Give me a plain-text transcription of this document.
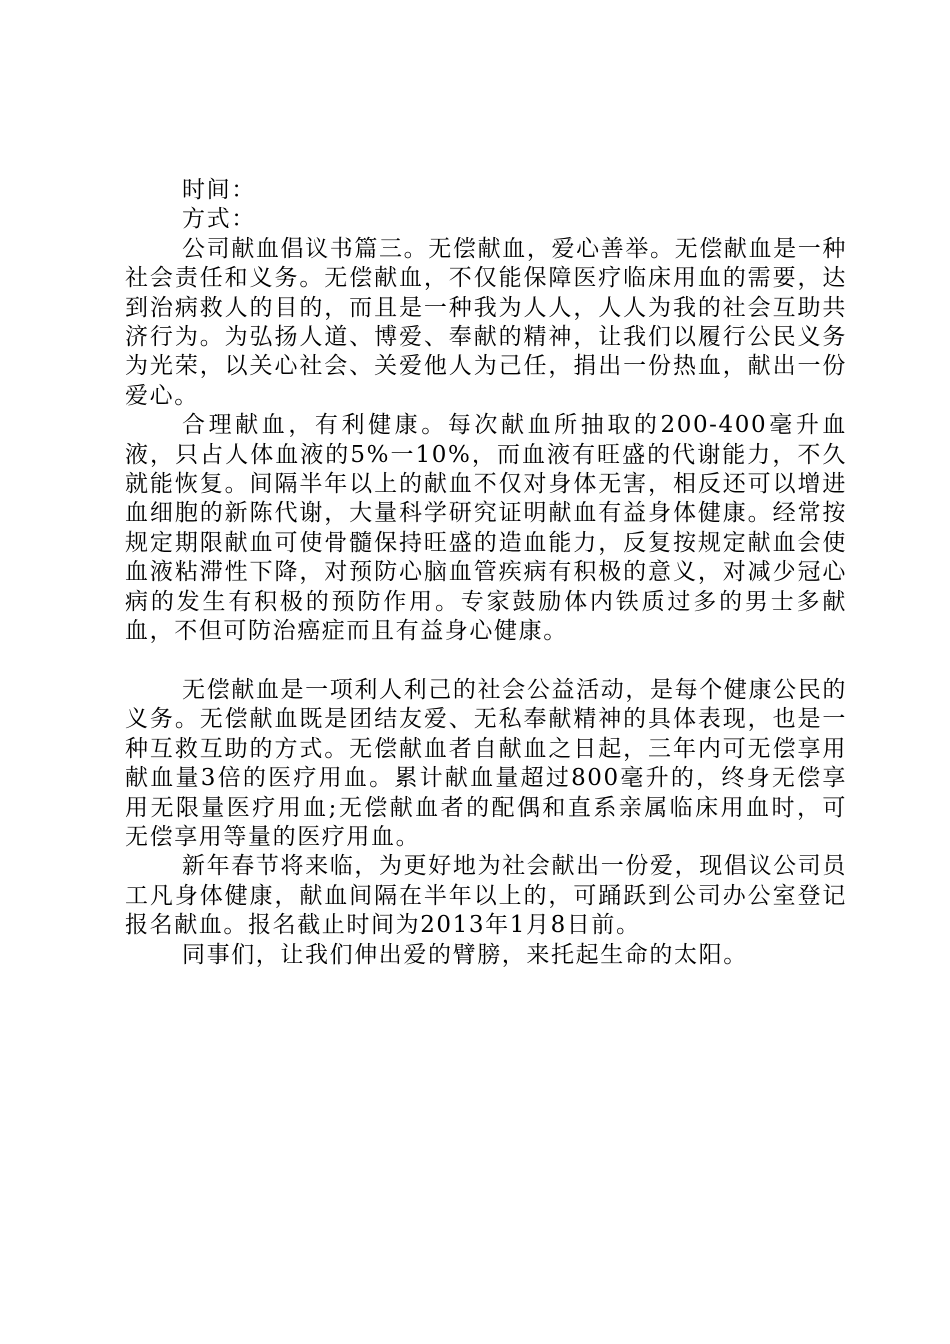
时间：

方式：

公司献血倡议书篇三。无偿献血，爱心善举。无偿献血是一种社会责任和义务。无偿献血，不仅能保障医疗临床用血的需要，达到治病救人的目的，而且是一种我为人人，人人为我的社会互助共济行为。为弘扬人道、博爱、奉献的精神，让我们以履行公民义务为光荣，以关心社会、关爱他人为己任，捐出一份热血，献出一份爱心。

合理献血，有利健康。每次献血所抽取的200-400毫升血液，只占人体血液的5%一10%，而血液有旺盛的代谢能力，不久就能恢复。间隔半年以上的献血不仅对身体无害，相反还可以增进血细胞的新陈代谢，大量科学研究证明献血有益身体健康。经常按规定期限献血可使骨髓保持旺盛的造血能力，反复按规定献血会使血液粘滞性下降，对预防心脑血管疾病有积极的意义，对减少冠心病的发生有积极的预防作用。专家鼓励体内铁质过多的男士多献血，不但可防治癌症而且有益身心健康。

无偿献血是一项利人利己的社会公益活动，是每个健康公民的义务。无偿献血既是团结友爱、无私奉献精神的具体表现，也是一种互救互助的方式。无偿献血者自献血之日起，三年内可无偿享用献血量3倍的医疗用血。累计献血量超过800毫升的，终身无偿享用无限量医疗用血;无偿献血者的配偶和直系亲属临床用血时，可无偿享用等量的医疗用血。

新年春节将来临，为更好地为社会献出一份爱，现倡议公司员工凡身体健康，献血间隔在半年以上的，可踊跃到公司办公室登记报名献血。报名截止时间为2013年1月8日前。

同事们，让我们伸出爱的臂膀，来托起生命的太阳。
